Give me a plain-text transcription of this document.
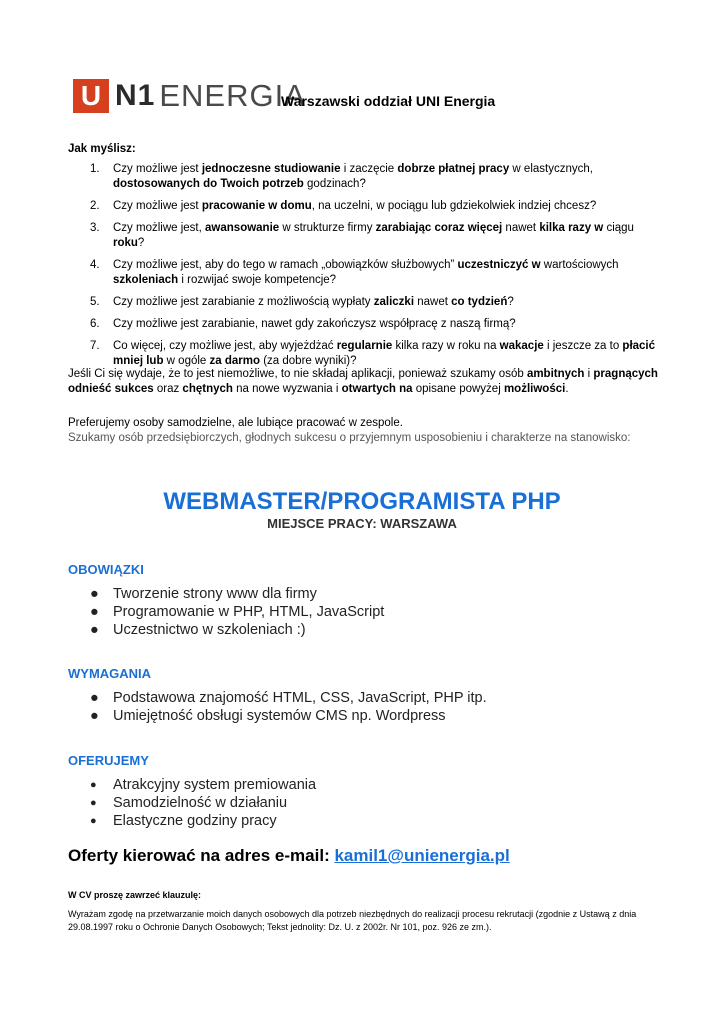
U N1 ENERGIA
Warszawski oddział UNI Energia
Jak myślisz:
1. Czy możliwe jest jednoczesne studiowanie i zaczęcie dobrze płatnej pracy w elastycznych, dostosowanych do Twoich potrzeb godzinach?
2. Czy możliwe jest pracowanie w domu, na uczelni, w pociągu lub gdziekolwiek indziej chcesz?
3. Czy możliwe jest, awansowanie w strukturze firmy zarabiając coraz więcej nawet kilka razy w ciągu roku?
4. Czy możliwe jest, aby do tego w ramach „obowiązków służbowych” uczestniczyć w wartościowych szkoleniach i rozwijać swoje kompetencje?
5. Czy możliwe jest zarabianie z możliwością wypłaty zaliczki nawet co tydzień?
6. Czy możliwe jest zarabianie, nawet gdy zakończysz współpracę z naszą firmą?
7. Co więcej, czy możliwe jest, aby wyjeżdżać regularnie kilka razy w roku na wakacje i jeszcze za to płacić mniej lub w ogóle za darmo (za dobre wyniki)?
Jeśli Ci się wydaje, że to jest niemożliwe, to nie składaj aplikacji, ponieważ szukamy osób ambitnych i pragnących odnieść sukces oraz chętnych na nowe wyzwania i otwartych na opisane powyżej możliwości.
Preferujemy osoby samodzielne, ale lubiące pracować w zespole.
Szukamy osób przedsiębiorczych, głodnych sukcesu o przyjemnym usposobieniu i charakterze na stanowisko:
WEBMASTER/PROGRAMISTA PHP
MIEJSCE PRACY: WARSZAWA
OBOWIĄZKI
● Tworzenie strony www dla firmy
● Programowanie w PHP, HTML, JavaScript
● Uczestnictwo w szkoleniach :)
WYMAGANIA
● Podstawowa znajomość HTML, CSS, JavaScript, PHP itp.
● Umiejętność obsługi systemów CMS np. Wordpress
OFERUJEMY
● Atrakcyjny system premiowania
● Samodzielność w działaniu
● Elastyczne godziny pracy
Oferty kierować na adres e-mail: kamil1@unienergia.pl
W CV proszę zawrzeć klauzulę:
Wyrażam zgodę na przetwarzanie moich danych osobowych dla potrzeb niezbędnych do realizacji procesu rekrutacji (zgodnie z Ustawą z dnia 29.08.1997 roku o Ochronie Danych Osobowych; Tekst jednolity: Dz. U. z 2002r. Nr 101, poz. 926 ze zm.).
